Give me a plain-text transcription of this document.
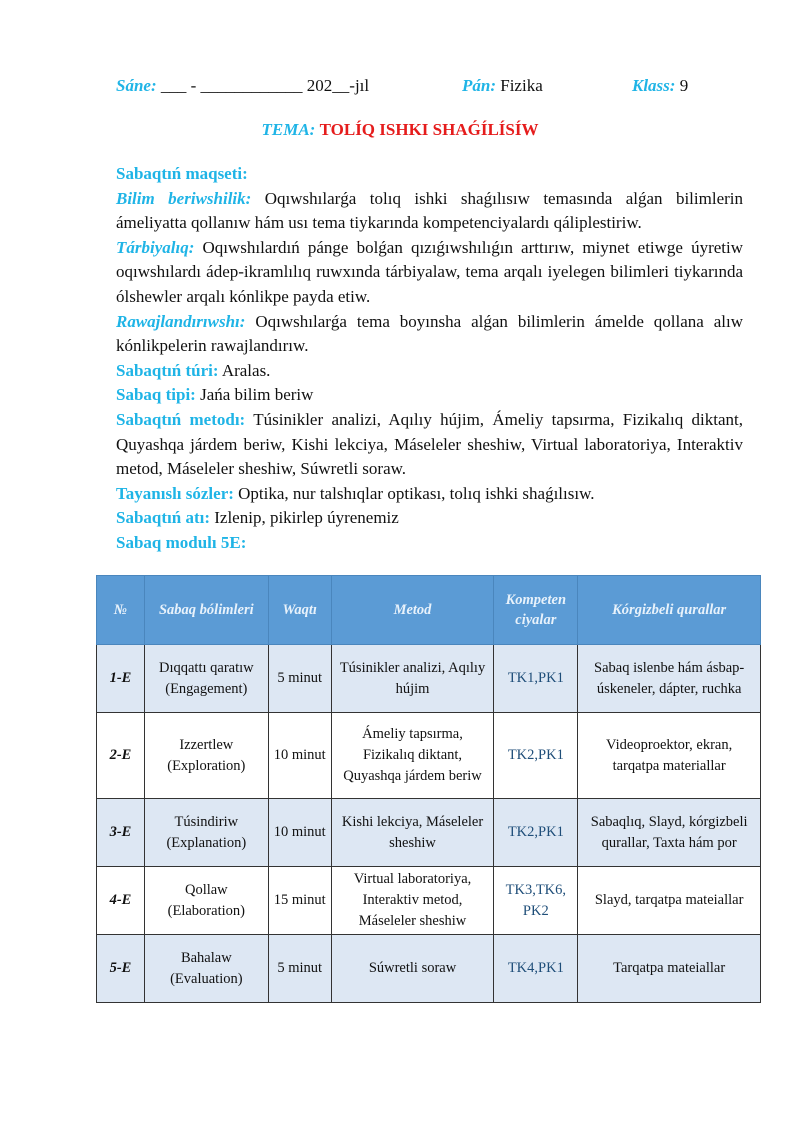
Sáne: ___ - ____________ 202__-jıl	Pán: Fizika	Klass: 9
TEMA: TOLÍQ ISHKI SHAǴÍLÍSÍW

Sabaqtıń maqseti:

Bilim beriwshilik: Oqıwshılarǵa tolıq ishki shaǵılısıw temasında alǵan bilimlerin ámeliyatta qollanıw hám usı tema tiykarında kompetenciyalardı qáliplestiriw.

Tárbiyalıq: Oqıwshılardıń pánge bolǵan qızıǵıwshılıǵın arttırıw, miynet etiwge úyretiw oqıwshılardı ádep-ikramlılıq ruwxında tárbiyalaw, tema arqalı iyelegen bilimleri tiykarında ólshewler arqalı kónlikpe payda etiw.

Rawajlandırıwshı: Oqıwshılarǵa tema boyınsha alǵan bilimlerin ámelde qollana alıw kónlikpelerin rawajlandırıw.

Sabaqtıń túri: Aralas.

Sabaq tipi: Jańa bilim beriw

Sabaqtıń metodı: Túsinikler analizi, Aqılıy hújim, Ámeliy tapsırma, Fizikalıq diktant, Quyashqa járdem beriw, Kishi lekciya, Máseleler sheshiw, Virtual laboratoriya, Interaktiv metod, Máseleler sheshiw, Súwretli soraw.

Tayanıslı sózler: Optika, nur talshıqlar optikası, tolıq ishki shaǵılısıw.

Sabaqtıń atı: Izlenip, pikirlep úyrenemiz

Sabaq modulı 5E:

№	Sabaq bólimleri	Waqtı	Metod	Kompetenciyalar	Kórgizbeli qurallar
1-E	Dıqqattı qaratıw (Engagement)	5 minut	Túsinikler analizi, Aqılıy hújim	TK1,PK1	Sabaq islenbe hám ásbap-úskeneler, dápter, ruchka
2-E	Izzertlew (Exploration)	10 minut	Ámeliy tapsırma, Fizikalıq diktant, Quyashqa járdem beriw	TK2,PK1	Videoproektor, ekran, tarqatpa materiallar
3-E	Túsindiriw (Explanation)	10 minut	Kishi lekciya, Máseleler sheshiw	TK2,PK1	Sabaqlıq, Slayd, kórgizbeli qurallar, Taxta hám por
4-E	Qollaw (Elaboration)	15 minut	Virtual laboratoriya, Interaktiv metod, Máseleler sheshiw	TK3,TK6, PK2	Slayd, tarqatpa mateiallar
5-E	Bahalaw (Evaluation)	5 minut	Súwretli soraw	TK4,PK1	Tarqatpa mateiallar
